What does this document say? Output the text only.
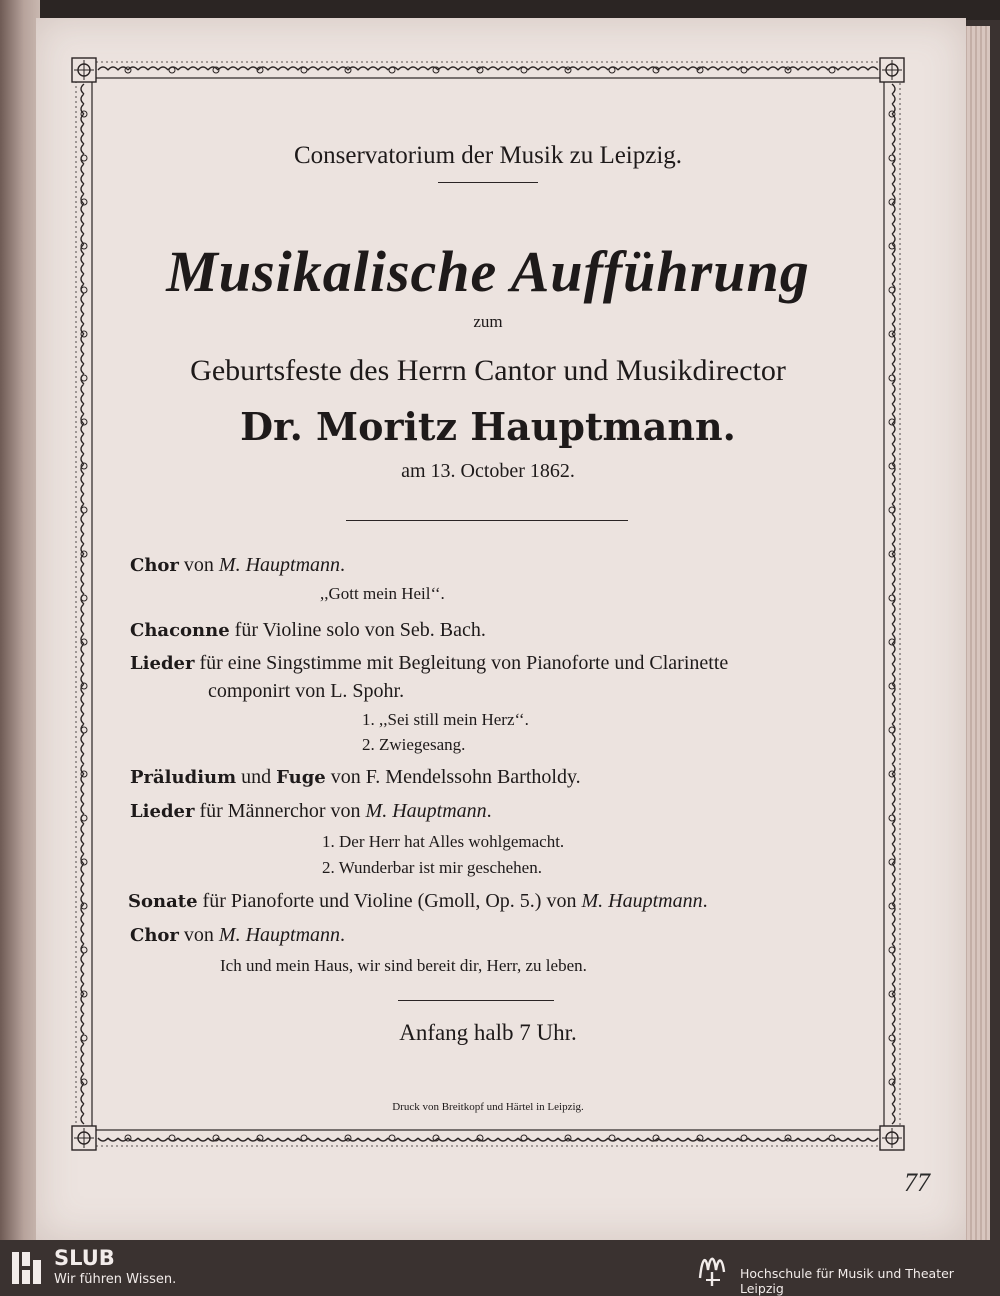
Conservatorium der Musik zu Leipzig.
Musikalische Aufführung
zum
Geburtsfeste des Herrn Cantor und Musikdirector
Dr. Moritz Hauptmann.
am 13. October 1862.
Chor von M. Hauptmann.
,,Gott mein Heil‘‘.
Chaconne für Violine solo von Seb. Bach.
Lieder für eine Singstimme mit Begleitung von Pianoforte und Clarinette
componirt von L. Spohr.
1. ,,Sei still mein Herz‘‘.
2. Zwiegesang.
Präludium und Fuge von F. Mendelssohn Bartholdy.
Lieder für Männerchor von M. Hauptmann.
1. Der Herr hat Alles wohlgemacht.
2. Wunderbar ist mir geschehen.
Sonate für Pianoforte und Violine (Gmoll, Op. 5.) von M. Hauptmann.
Chor von M. Hauptmann.
Ich und mein Haus, wir sind bereit dir, Herr, zu leben.
Anfang halb 7 Uhr.
Druck von Breitkopf und Härtel in Leipzig.
77
SLUB
Wir führen Wissen.	Hochschule für Musik und Theater Leipzig
